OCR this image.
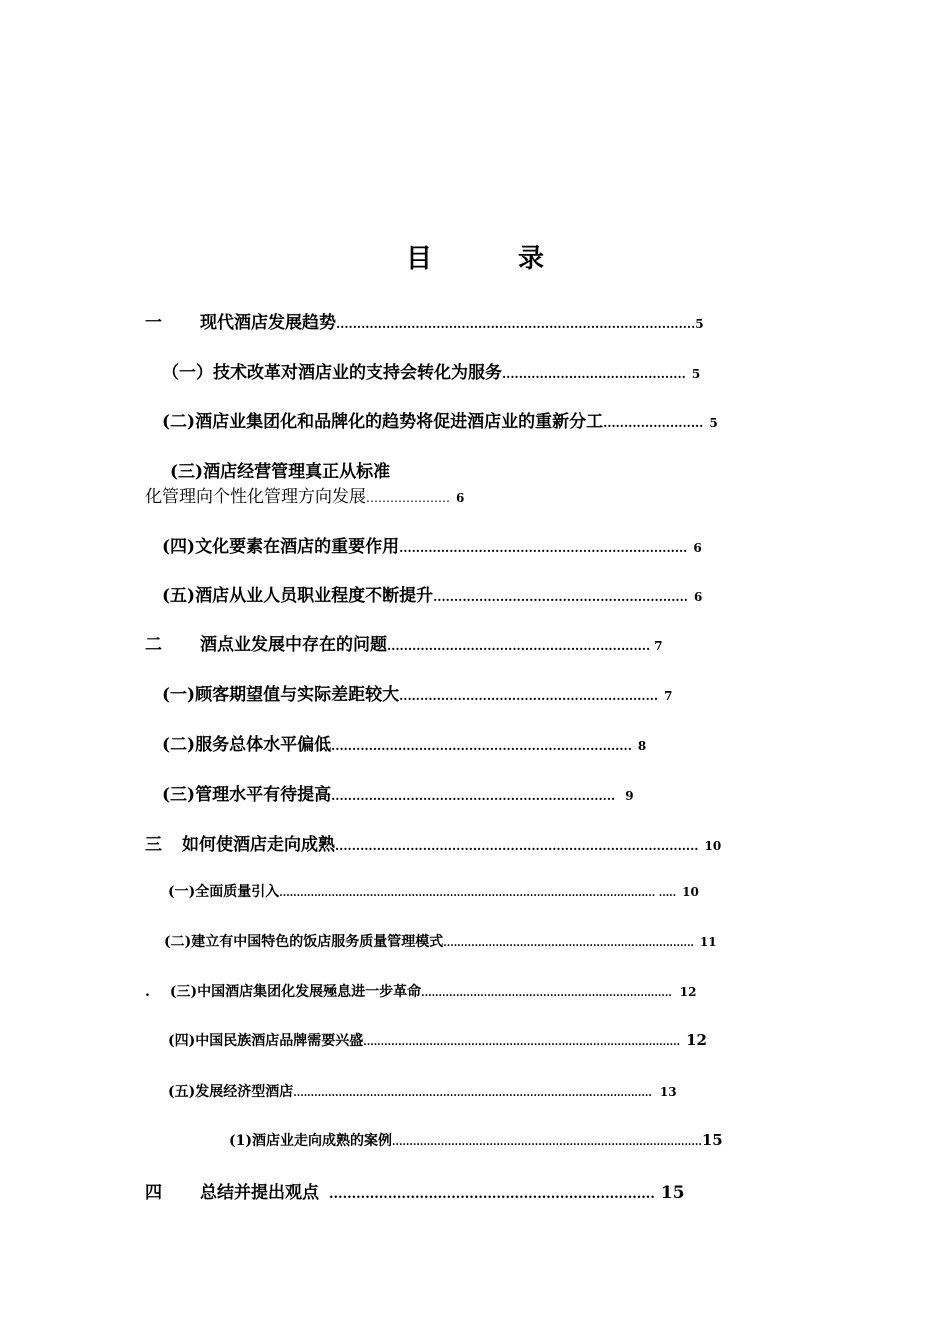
目　录
一 现代酒店发展趋势......................................................................................5
（一）技术改革对酒店业的支持会转化为服务............................................ 5
(二)酒店业集团化和品牌化的趋势将促进酒店业的重新分工........................ 5
(三)酒店经营管理真正从标准
化管理向个性化管理方向发展………………… 6
(四)文化要素在酒店的重要作用..................................................................... 6
(五)酒店从业人员职业程度不断提升............................................................. 6
二 酒点业发展中存在的问题............................................................... 7
(一)顾客期望值与实际差距较大.............................................................. 7
(二)服务总体水平偏低........................................................................ 8
(三)管理水平有待提高.................................................................... 9
三 如何使酒店走向成熟....................................................................................... 10
(一)全面质量引入............................................................................................................ ..... 10
(二)建立有中国特色的饭店服务质量管理模式........................................................................ 11
. (三)中国酒店集团化发展殛息进一步革命........................................................................ 12
(四)中国民族酒店品牌需要兴盛........................................................................................... 12
(五)发展经济型酒店....................................................................................................... 13
(1)酒店业走向成熟的案例.........................................................................................15
四 总结并提出观点 ........................................................................ 15
